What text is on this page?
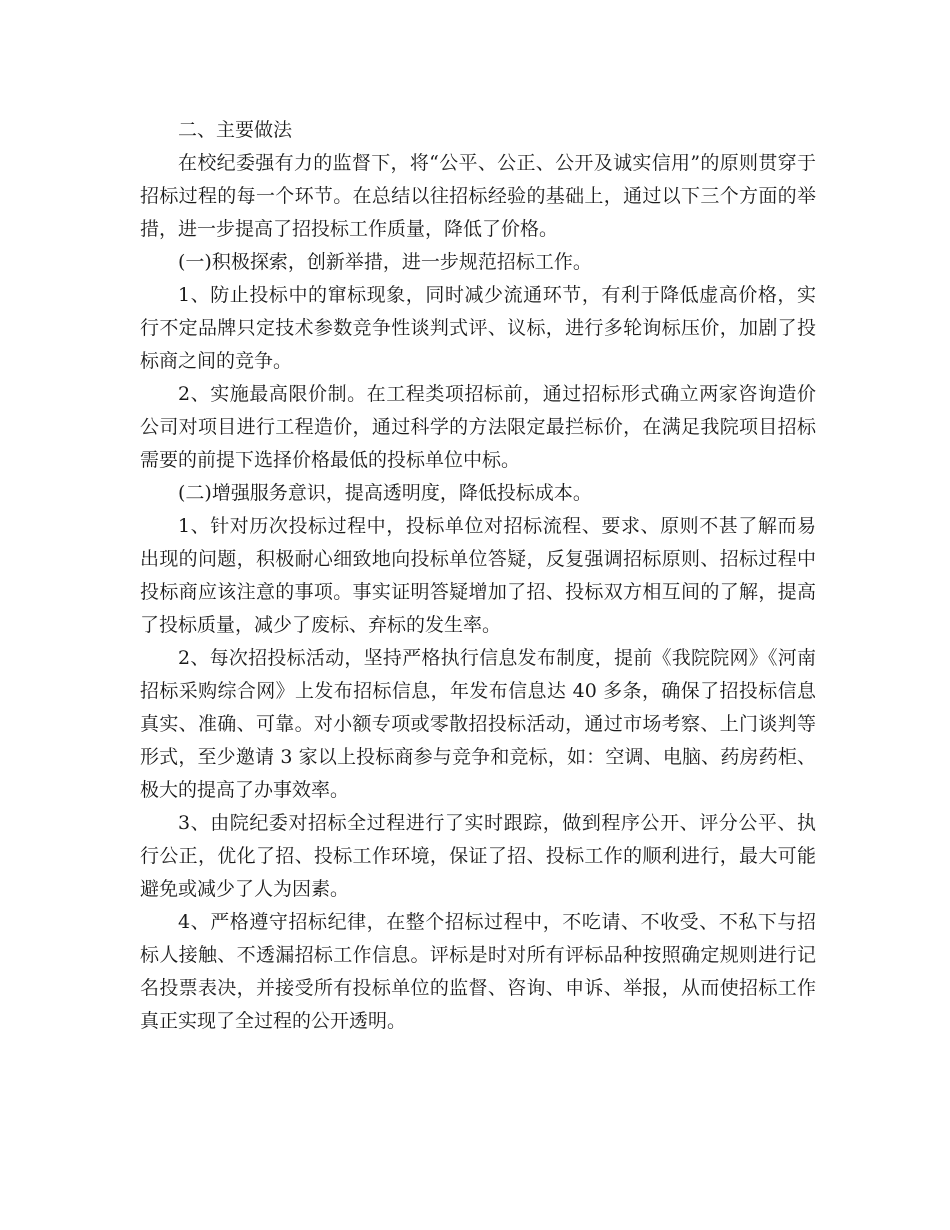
二、主要做法

在校纪委强有力的监督下，将“公平、公正、公开及诚实信用”的原则贯穿于招标过程的每一个环节。在总结以往招标经验的基础上，通过以下三个方面的举措，进一步提高了招投标工作质量，降低了价格。

(一)积极探索，创新举措，进一步规范招标工作。

1、防止投标中的窜标现象，同时减少流通环节，有利于降低虚高价格，实行不定品牌只定技术参数竞争性谈判式评、议标，进行多轮询标压价，加剧了投标商之间的竞争。

2、实施最高限价制。在工程类项招标前，通过招标形式确立两家咨询造价公司对项目进行工程造价，通过科学的方法限定最拦标价，在满足我院项目招标需要的前提下选择价格最低的投标单位中标。

(二)增强服务意识，提高透明度，降低投标成本。

1、针对历次投标过程中，投标单位对招标流程、要求、原则不甚了解而易出现的问题，积极耐心细致地向投标单位答疑，反复强调招标原则、招标过程中投标商应该注意的事项。事实证明答疑增加了招、投标双方相互间的了解，提高了投标质量，减少了废标、弃标的发生率。

2、每次招投标活动，坚持严格执行信息发布制度，提前《我院院网》《河南招标采购综合网》上发布招标信息，年发布信息达 40 多条，确保了招投标信息真实、准确、可靠。对小额专项或零散招投标活动，通过市场考察、上门谈判等形式，至少邀请 3 家以上投标商参与竞争和竞标，如：空调、电脑、药房药柜、极大的提高了办事效率。

3、由院纪委对招标全过程进行了实时跟踪，做到程序公开、评分公平、执行公正，优化了招、投标工作环境，保证了招、投标工作的顺利进行，最大可能避免或减少了人为因素。

4、严格遵守招标纪律，在整个招标过程中，不吃请、不收受、不私下与招标人接触、不透漏招标工作信息。评标是时对所有评标品种按照确定规则进行记名投票表决，并接受所有投标单位的监督、咨询、申诉、举报，从而使招标工作真正实现了全过程的公开透明。
